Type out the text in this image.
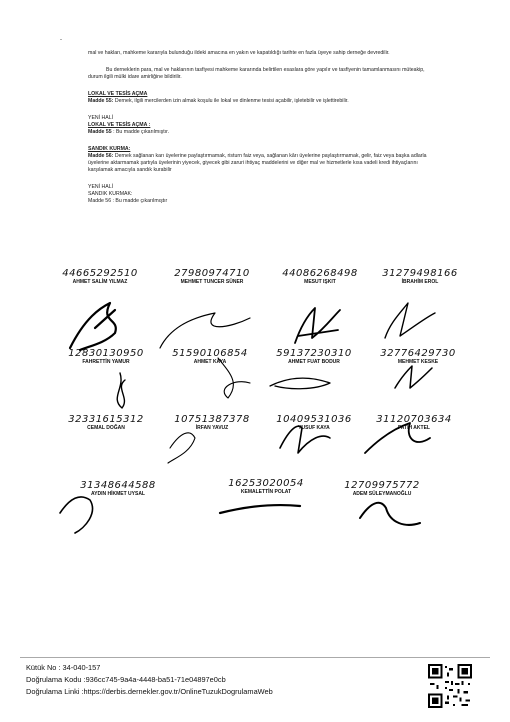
-

mal ve hakları, mahkeme kararıyla bulunduğu ildeki amacına en yakın ve kapatıldığı tarihte en fazla üyeye sahip derneğe devredilir.

Bu derneklerin para, mal ve haklarının tasfiyesi mahkeme kararında belirtilen esaslara göre yapılır ve tasfiyenin tamamlanmasını müteakip, durum ilgili mülki idare amirliğine bildirilir.

LOKAL VE TESİS AÇMA

Madde 55: Dernek, ilgili mercilerden izin almak koşulu ile lokal ve dinlenme tesisi açabilir, işletebilir ve işlettirebilir.

YENİ HALİ

LOKAL VE TESİS AÇMA :

Madde 55 : Bu madde çıkarılmıştır.

SANDIK KURMA:

Madde 56: Dernek sağlanan karı üyelerine paylaştırmamak, risturn faiz veya, sağlanan kârı üyelerine paylaştırmamak, gelir, faiz veya başka adlarla üyelerine aktarmamak şartıyla üyelerinin yiyecek, giyecek gibi zaruri ihtiyaç maddelerini ve diğer mal ve hizmetlerle kısa vadeli kredi ihtiyaçlarını karşılamak amacıyla sandık kurabilir

YENİ HALİ

SANDIK KURMAK:

Madde 56 : Bu madde çıkarılmıştır

44665292510
AHMET SALİM YILMAZ
27980974710
MEHMET TUNCER SÜNER
44086268498
MESUT IŞKIT
31279498166
İBRAHİM EROL
12830130950
FAHRETTİN YAMUR
51590106854
AHMET KAYA
59137230310
AHMET FUAT BODUR
32776429730
MEHMET KESKE
32331615312
CEMAL DOĞAN
10751387378
İRFAN YAVUZ
10409531036
YUSUF KAYA
31120703634
FATİH AKTEL
31348644588
AYDIN HİKMET UYSAL
16253020054
KEMALETTİN POLAT
12709975772
ADEM SÜLEYMANOĞLU
Kütük No : 34-040-157
Doğrulama Kodu :936cc745-9a4a-4448-ba51-71e04897e0cb
Doğrulama Linki :https://derbis.dernekler.gov.tr/OnlineTuzukDogrulamaWeb
